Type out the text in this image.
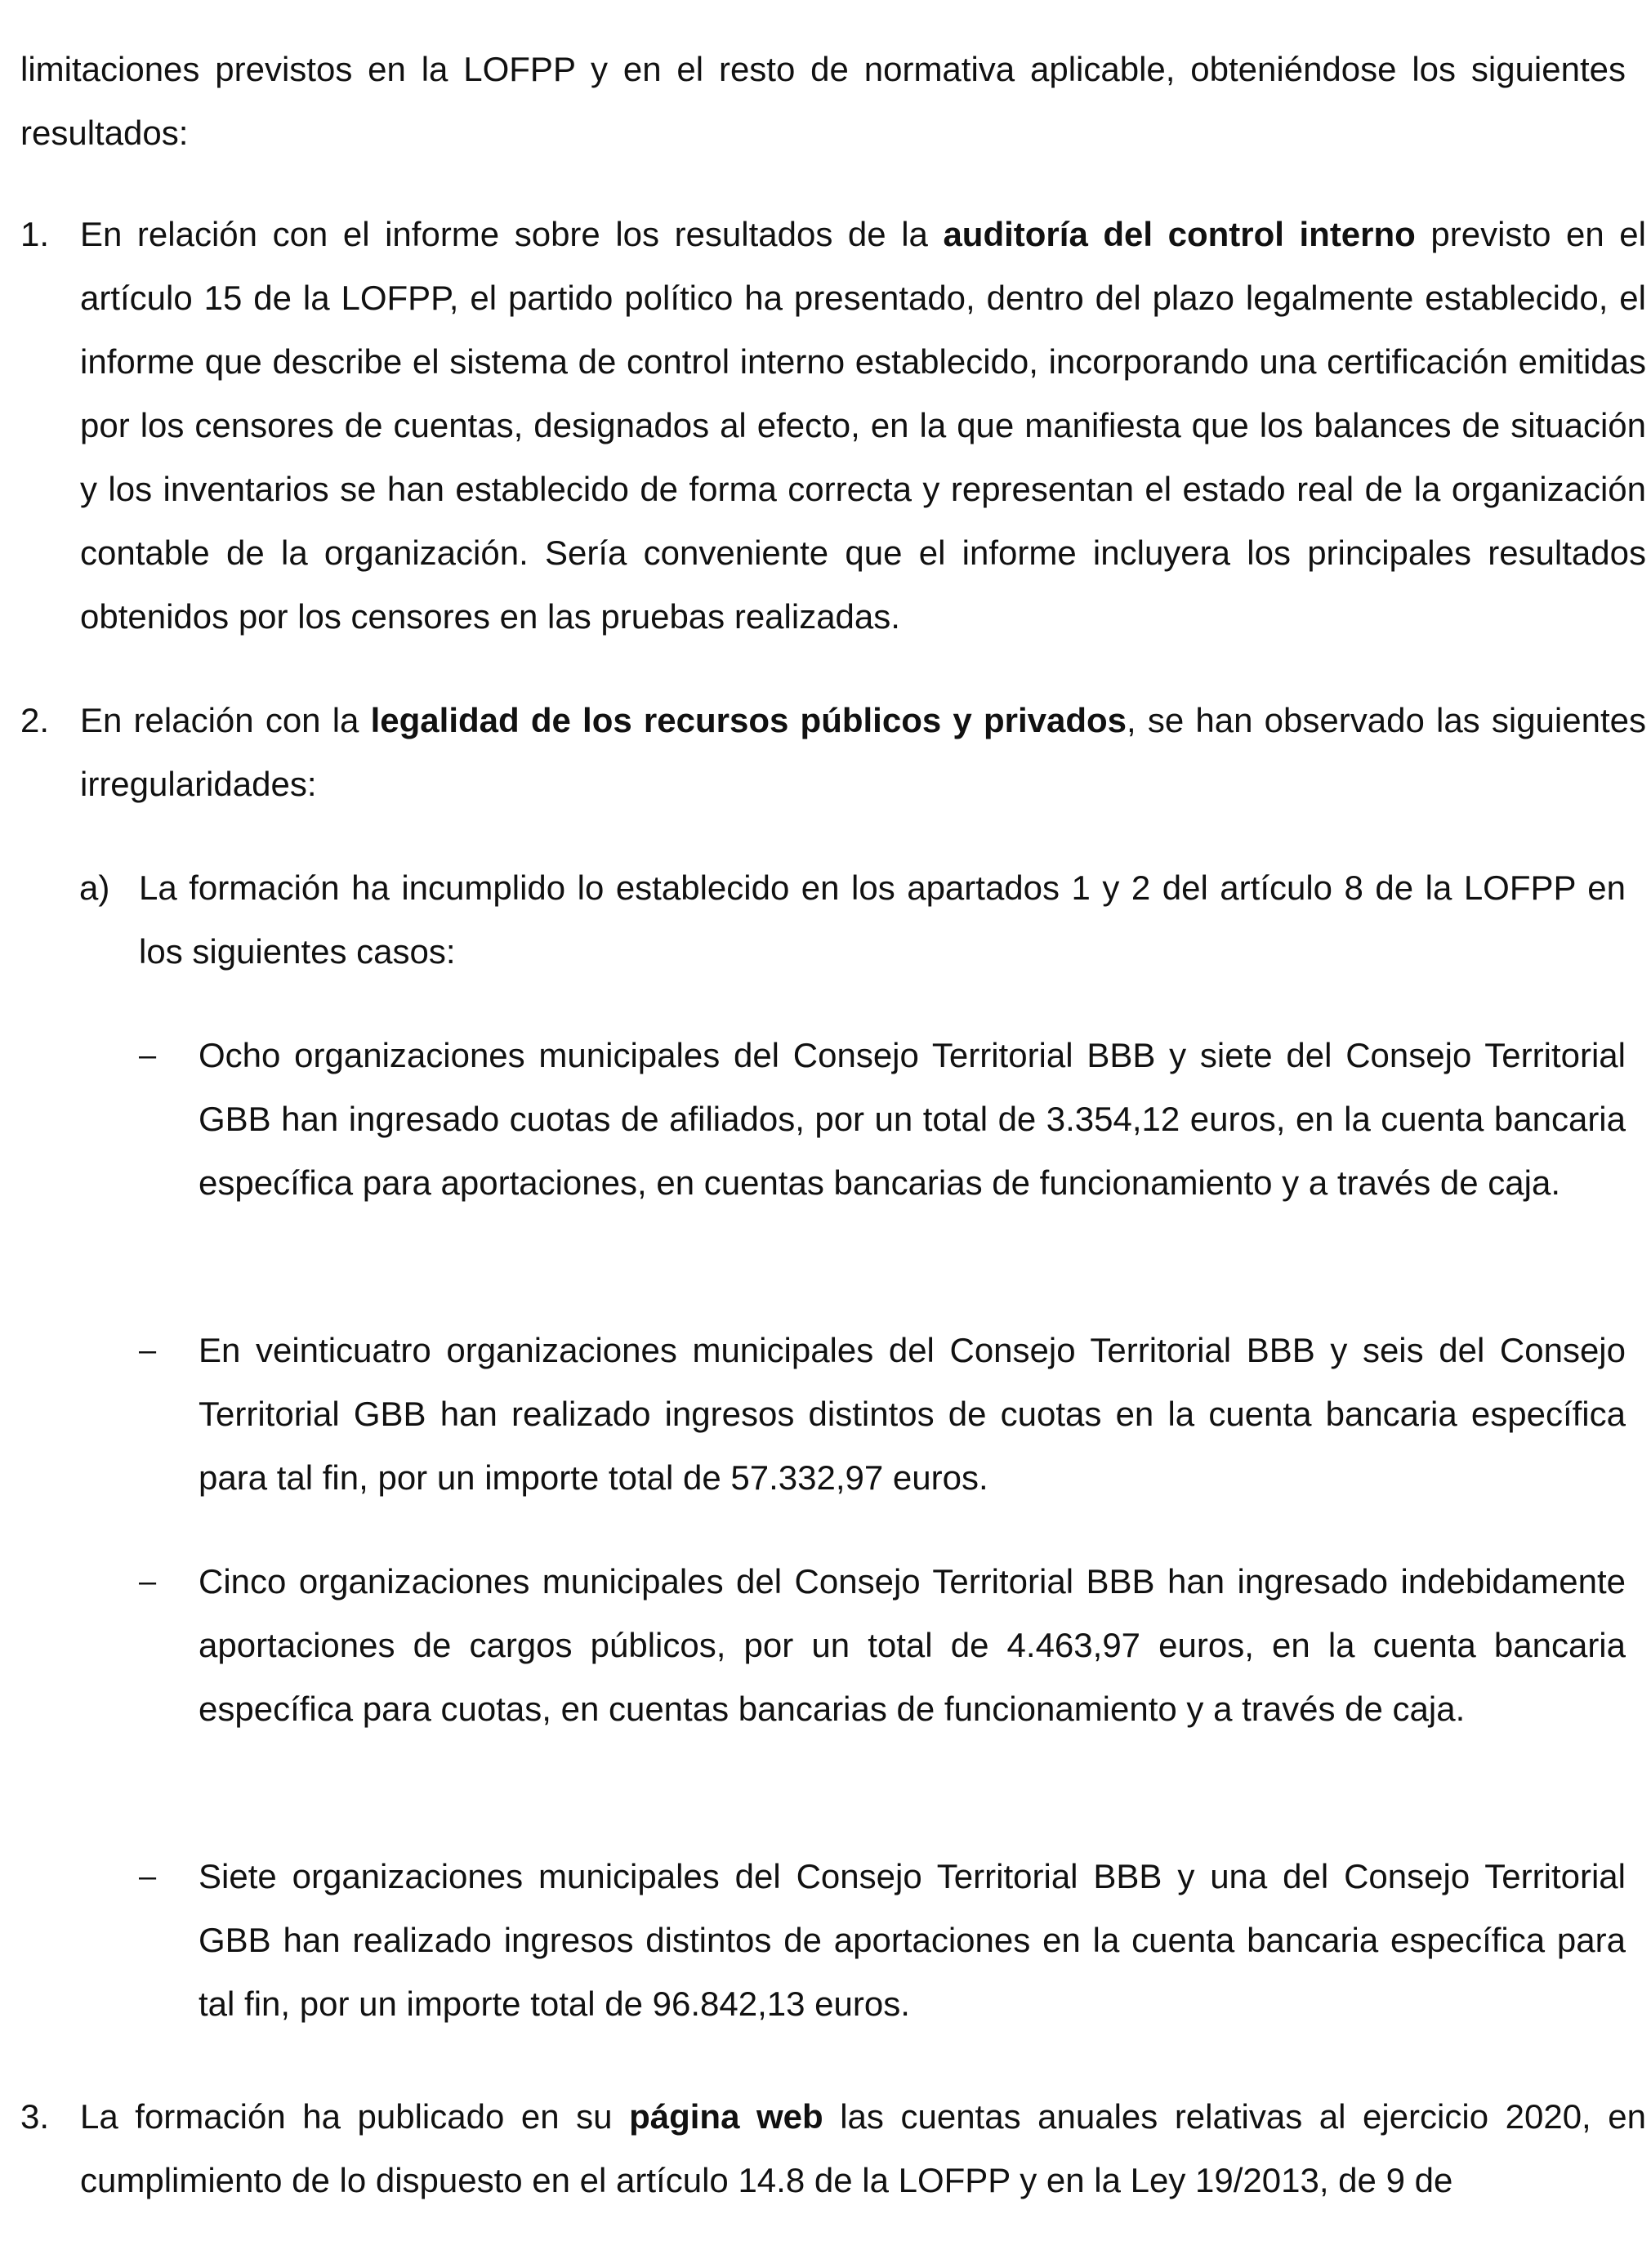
limitaciones previstos en la LOFPP y en el resto de normativa aplicable, obteniéndose los siguientes resultados:

1. En relación con el informe sobre los resultados de la auditoría del control interno previsto en el artículo 15 de la LOFPP, el partido político ha presentado, dentro del plazo legalmente establecido, el informe que describe el sistema de control interno establecido, incorporando una certificación emitidas por los censores de cuentas, designados al efecto, en la que manifiesta que los balances de situación y los inventarios se han establecido de forma correcta y representan el estado real de la organización contable de la organización. Sería conveniente que el informe incluyera los principales resultados obtenidos por los censores en las pruebas realizadas.

2. En relación con la legalidad de los recursos públicos y privados, se han observado las siguientes irregularidades:

a) La formación ha incumplido lo establecido en los apartados 1 y 2 del artículo 8 de la LOFPP en los siguientes casos:

– Ocho organizaciones municipales del Consejo Territorial BBB y siete del Consejo Territorial GBB han ingresado cuotas de afiliados, por un total de 3.354,12 euros, en la cuenta bancaria específica para aportaciones, en cuentas bancarias de funcionamiento y a través de caja.

– En veinticuatro organizaciones municipales del Consejo Territorial BBB y seis del Consejo Territorial GBB han realizado ingresos distintos de cuotas en la cuenta bancaria específica para tal fin, por un importe total de 57.332,97 euros.

– Cinco organizaciones municipales del Consejo Territorial BBB han ingresado indebidamente aportaciones de cargos públicos, por un total de 4.463,97 euros, en la cuenta bancaria específica para cuotas, en cuentas bancarias de funcionamiento y a través de caja.

– Siete organizaciones municipales del Consejo Territorial BBB y una del Consejo Territorial GBB han realizado ingresos distintos de aportaciones en la cuenta bancaria específica para tal fin, por un importe total de 96.842,13 euros.

3. La formación ha publicado en su página web las cuentas anuales relativas al ejercicio 2020, en cumplimiento de lo dispuesto en el artículo 14.8 de la LOFPP y en la Ley 19/2013, de 9 de
